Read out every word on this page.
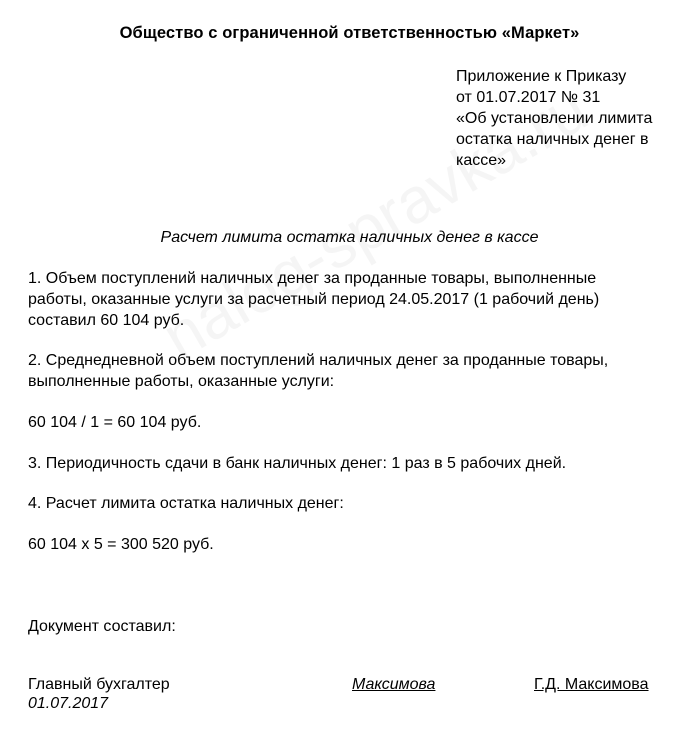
Общество с ограниченной ответственностью «Маркет»
Приложение к Приказу
от 01.07.2017 № 31
«Об установлении лимита
остатка наличных денег в
кассе»
Расчет лимита остатка наличных денег в кассе
1. Объем поступлений наличных денег за проданные товары, выполненные
работы, оказанные услуги за расчетный период 24.05.2017 (1 рабочий день)
составил 60 104 руб.
2. Среднедневной объем поступлений наличных денег за проданные товары,
выполненные работы, оказанные услуги:
60 104 / 1 = 60 104 руб.
3. Периодичность сдачи в банк наличных денег: 1 раз в 5 рабочих дней.
4. Расчет лимита остатка наличных денег:
60 104 х 5 = 300 520 руб.
Документ составил:
Главный бухгалтер	Максимова	Г.Д. Максимова
01.07.2017
